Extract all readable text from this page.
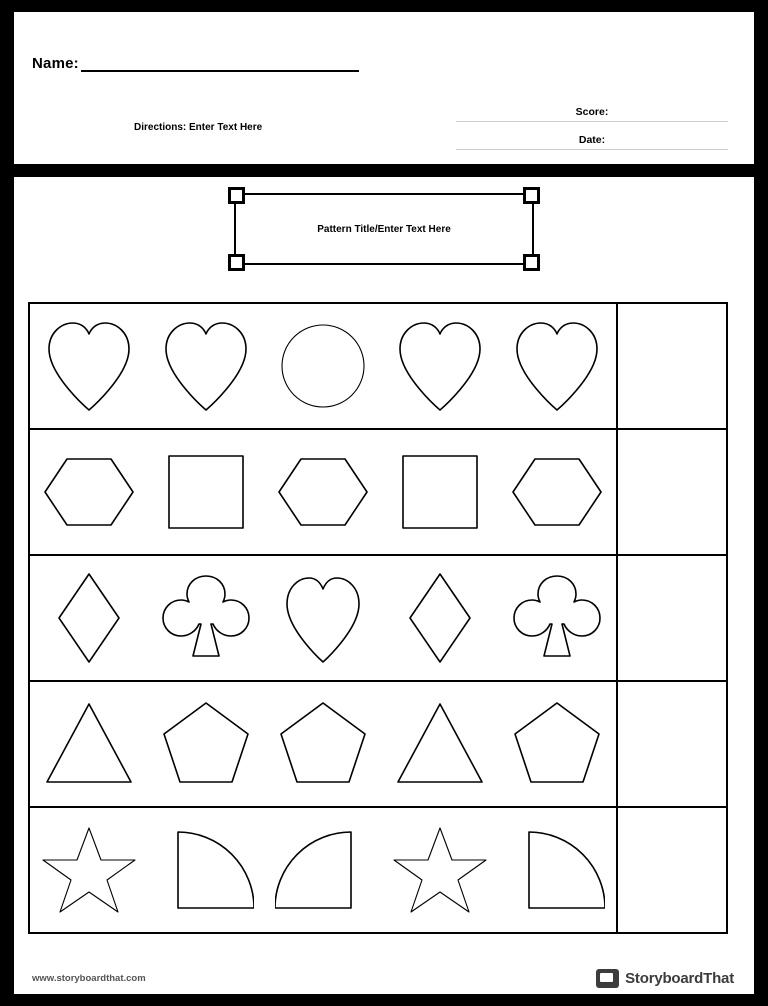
Name:
Directions: Enter Text Here
Score:
Date:
Pattern Title/Enter Text Here
www.storyboardthat.com	StoryboardThat
